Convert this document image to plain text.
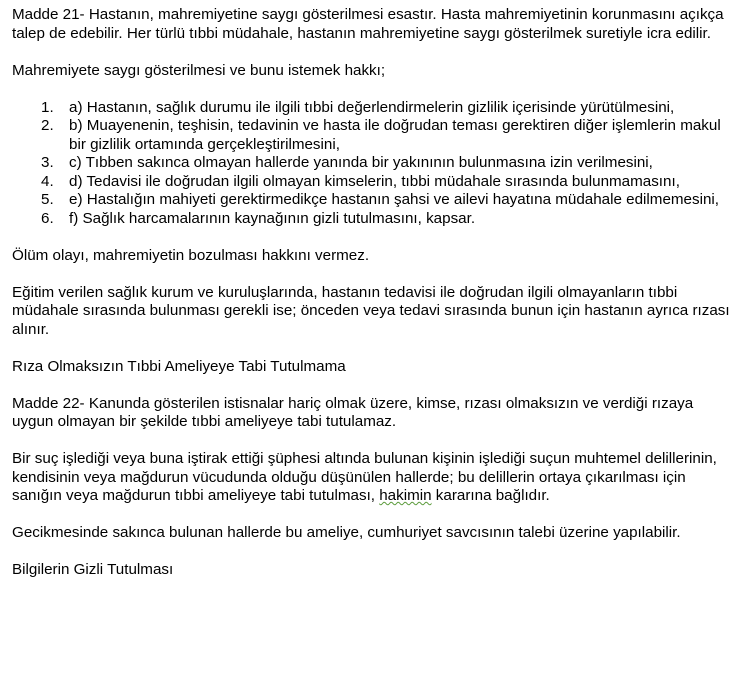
Madde 21- Hastanın, mahremiyetine saygı gösterilmesi esastır. Hasta mahremiyetinin korunmasını açıkça talep de edebilir. Her türlü tıbbi müdahale, hastanın mahremiyetine saygı gösterilmek suretiyle icra edilir.

Mahremiyete saygı gösterilmesi ve bunu istemek hakkı;

1. a) Hastanın, sağlık durumu ile ilgili tıbbi değerlendirmelerin gizlilik içerisinde yürütülmesini,
2. b) Muayenenin, teşhisin, tedavinin ve hasta ile doğrudan teması gerektiren diğer işlemlerin makul bir gizlilik ortamında gerçekleştirilmesini,
3. c) Tıbben sakınca olmayan hallerde yanında bir yakınının bulunmasına izin verilmesini,
4. d) Tedavisi ile doğrudan ilgili olmayan kimselerin, tıbbi müdahale sırasında bulunmamasını,
5. e) Hastalığın mahiyeti gerektirmedikçe hastanın şahsi ve ailevi hayatına müdahale edilmemesini,
6. f) Sağlık harcamalarının kaynağının gizli tutulmasını, kapsar.

Ölüm olayı, mahremiyetin bozulması hakkını vermez.

Eğitim verilen sağlık kurum ve kuruluşlarında, hastanın tedavisi ile doğrudan ilgili olmayanların tıbbi müdahale sırasında bulunması gerekli ise; önceden veya tedavi sırasında bunun için hastanın ayrıca rızası alınır.

Rıza Olmaksızın Tıbbi Ameliyeye Tabi Tutulmama

Madde 22- Kanunda gösterilen istisnalar hariç olmak üzere, kimse, rızası olmaksızın ve verdiği rızaya uygun olmayan bir şekilde tıbbi ameliyeye tabi tutulamaz.

Bir suç işlediği veya buna iştirak ettiği şüphesi altında bulunan kişinin işlediği suçun muhtemel delillerinin, kendisinin veya mağdurun vücudunda olduğu düşünülen hallerde; bu delillerin ortaya çıkarılması için sanığın veya mağdurun tıbbi ameliyeye tabi tutulması, hakimin kararına bağlıdır.

Gecikmesinde sakınca bulunan hallerde bu ameliye, cumhuriyet savcısının talebi üzerine yapılabilir.

Bilgilerin Gizli Tutulması
